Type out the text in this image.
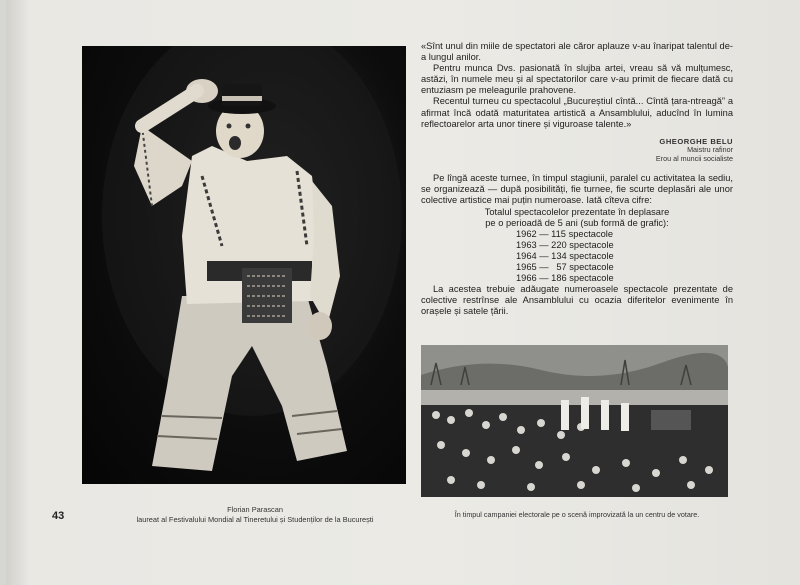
«Sînt unul din miile de spectatori ale căror aplauze v-au înaripat talentul de-a lungul anilor.

Pentru munca Dvs. pasionată în slujba artei, vreau să vă mulțumesc, astăzi, în numele meu și al spectatorilor care v-au primit de fiecare dată cu entuziasm pe meleagurile prahovene.

Recentul turneu cu spectacolul „Bucureștiul cîntă... Cîntă țara-ntreagă” a afirmat încă odată maturitatea artistică a Ansamblului, aducînd în lumina reflectoarelor arta unor tinere și viguroase talente.»

GHEORGHE BELU
Maistru rafinor
Erou al muncii socialiste

Pe lîngă aceste turnee, în timpul stagiunii, paralel cu activitatea la sediu, se organizează — după posibilități, fie turnee, fie scurte deplasări ale unor colective artistice mai puțin numeroase. Iată cîteva cifre:

Totalul spectacolelor prezentate în deplasare

pe o perioadă de 5 ani (sub formă de grafic):

1962 — 115 spectacole

1963 — 220 spectacole

1964 — 134 spectacole

1965 —   57 spectacole

1966 — 186 spectacole

La acestea trebuie adăugate numeroasele spectacole prezentate de colective restrînse ale Ansamblului cu ocazia diferitelor evenimente în orașele și satele țării.

43
Florian Parascan
laureat al Festivalului Mondial al Tineretului și Studenților de la București	În timpul campaniei electorale pe o scenă improvizată la un centru de votare.
